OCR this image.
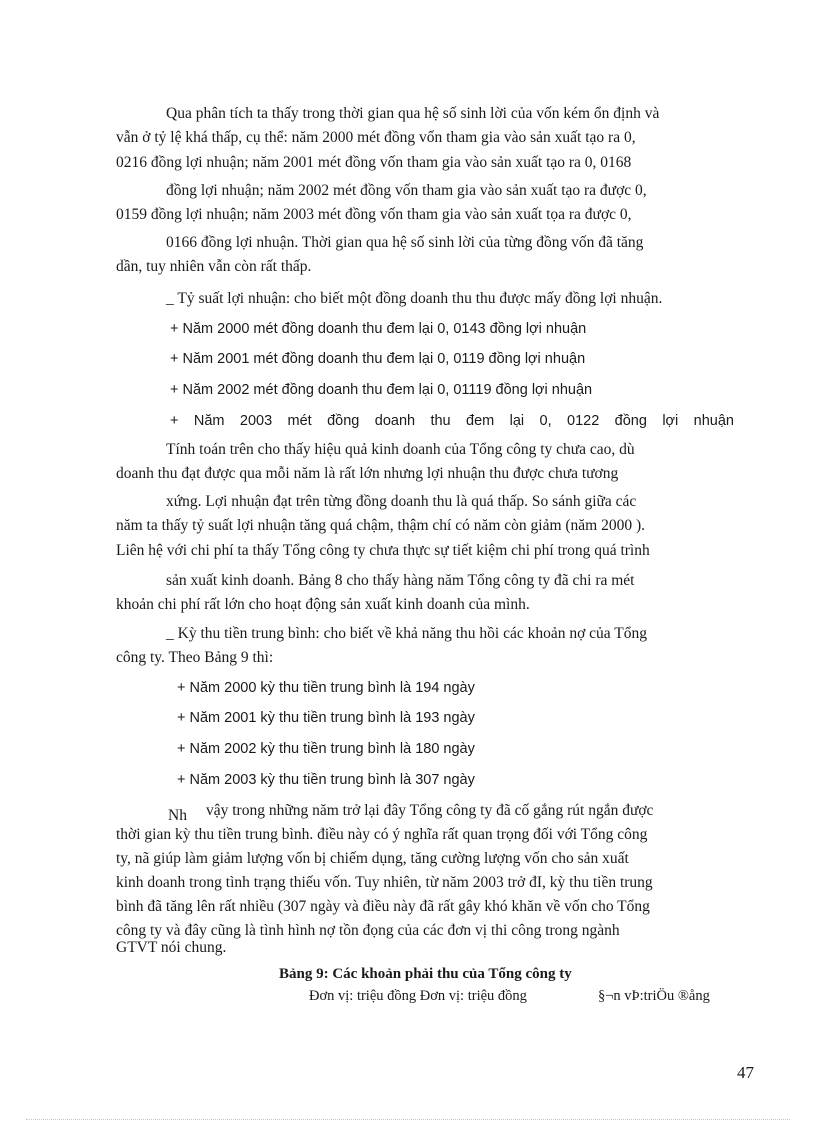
Qua phân tích ta thấy trong thời gian qua hệ số sinh lời của vốn kém ổn định và
vẫn ở tỷ lệ khá thấp, cụ thể: năm 2000 mét đồng vốn tham gia vào sản xuất tạo ra 0,
0216 đồng lợi nhuận; năm 2001 mét đồng vốn tham gia vào sản xuất tạo ra 0, 0168
đồng lợi nhuận; năm 2002 mét đồng vốn tham gia vào sản xuất tạo ra được 0,
0159 đồng lợi nhuận; năm 2003 mét đồng vốn tham gia vào sản xuất tọa ra được 0,
0166 đồng lợi nhuận. Thời gian qua hệ số sinh lời của từng đồng vốn đã tăng
dần, tuy nhiên vẫn còn rất thấp.
_ Tỷ suất lợi nhuận: cho biết một đồng doanh thu thu được mấy đồng lợi nhuận.
+ Năm 2000 mét đồng doanh thu đem lại 0, 0143 đồng lợi nhuận
+ Năm 2001 mét đồng doanh thu đem lại 0, 0119 đồng lợi nhuận
+ Năm 2002 mét đồng doanh thu đem lại 0, 01119 đồng lợi nhuận
+ Năm 2003 mét đồng doanh thu đem lại 0, 0122 đồng lợi nhuận
Tính toán trên cho thấy hiệu quả kinh doanh của Tổng công ty chưa cao, dù
doanh thu đạt được qua mỗi năm là rất lớn nhưng lợi nhuận thu được chưa tương
xứng. Lợi nhuận đạt trên từng đồng doanh thu là quá thấp. So sánh giữa các
năm ta thấy tỷ suất lợi nhuận tăng quá chậm, thậm chí có năm còn giảm (năm 2000 ).
Liên hệ với chi phí ta thấy Tổng công ty chưa thực sự tiết kiệm chi phí trong quá trình
sản xuất kinh doanh. Bảng 8 cho thấy hàng năm Tổng công ty đã chi ra mét
khoản chi phí rất lớn cho hoạt động sản xuất kinh doanh của mình.
_ Kỳ thu tiền trung bình: cho biết về khả năng thu hồi các khoản nợ của Tổng
công ty. Theo Bảng 9 thì:
+ Năm 2000 kỳ thu tiền trung bình là 194 ngày
+ Năm 2001 kỳ thu tiền trung bình là 193 ngày
+ Năm 2002 kỳ thu tiền trung bình là 180 ngày
+ Năm 2003 kỳ thu tiền trung bình là 307 ngày
Nh vậy trong những năm trở lại đây Tổng công ty đã cố gắng rút ngắn được
thời gian kỳ thu tiền trung bình. điều này có ý nghĩa rất quan trọng đối với Tổng công
ty, nã giúp làm giảm lượng vốn bị chiếm dụng, tăng cường lượng vốn cho sản xuất
kinh doanh trong tình trạng thiếu vốn. Tuy nhiên, từ năm 2003 trở đI, kỳ thu tiền trung
bình đã tăng lên rất nhiều (307 ngày và điều này đã rất gây khó khăn về vốn cho Tổng
công ty và đây cũng là tình hình nợ tồn đọng của các đơn vị thi công trong ngành
GTVT nói chung.
Bảng 9: Các khoản phải thu của Tổng công ty
Đơn vị: triệu đồng Đơn vị: triệu đồng	§¬n vÞ:triÖu ®ång
47
